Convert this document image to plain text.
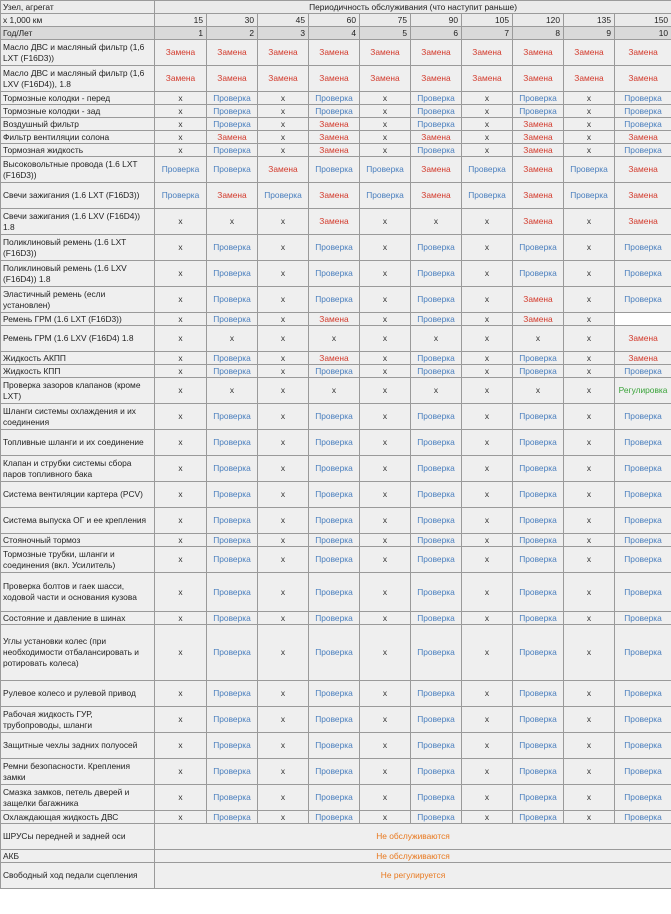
Узел, агрегат	Периодичность обслуживания (что наступит раньше)									
х 1,000 км	15	30	45	60	75	90	105	120	135	150
Год/Лет	1	2	3	4	5	6	7	8	9	10
Масло ДВС и масляный фильтр (1,6 LXT (F16D3))	Замена	Замена	Замена	Замена	Замена	Замена	Замена	Замена	Замена	Замена
Масло ДВС и масляный фильтр (1,6 LXV (F16D4)), 1.8	Замена	Замена	Замена	Замена	Замена	Замена	Замена	Замена	Замена	Замена
Тормозные колодки - перед	x	Проверка	x	Проверка	x	Проверка	x	Проверка	x	Проверка
Тормозные колодки - зад	x	Проверка	x	Проверка	x	Проверка	x	Проверка	x	Проверка
Воздушный фильтр	x	Проверка	x	Замена	x	Проверка	x	Замена	x	Проверка
Фильтр вентиляции солона	x	Замена	x	Замена	x	Замена	x	Замена	x	Замена
Тормозная жидкость	x	Проверка	x	Замена	x	Проверка	x	Замена	x	Проверка
Высоковольтные провода (1.6 LXT (F16D3))	Проверка	Проверка	Замена	Проверка	Проверка	Замена	Проверка	Замена	Проверка	Замена
Свечи зажигания (1.6 LXT (F16D3))	Проверка	Замена	Проверка	Замена	Проверка	Замена	Проверка	Замена	Проверка	Замена
Свечи зажигания (1.6 LXV (F16D4)) 1.8	x	x	x	Замена	x	x	x	Замена	x	Замена
Поликлиновый ремень (1.6 LXT (F16D3))	x	Проверка	x	Проверка	x	Проверка	x	Проверка	x	Проверка
Поликлиновый ремень (1.6 LXV (F16D4)) 1.8	x	Проверка	x	Проверка	x	Проверка	x	Проверка	x	Проверка
Эластичный ремень (если установлен)	x	Проверка	x	Проверка	x	Проверка	x	Замена	x	Проверка
Ремень ГРМ (1.6 LXT (F16D3))	x	Проверка	x	Замена	x	Проверка	x	Замена	x	
Ремень ГРМ (1.6 LXV (F16D4) 1.8	x	x	x	x	x	x	x	x	x	Замена
Жидкость АКПП	x	Проверка	x	Замена	x	Проверка	x	Проверка	x	Замена
Жидкость КПП	x	Проверка	x	Проверка	x	Проверка	x	Проверка	x	Проверка
Проверка зазоров клапанов (кроме LXT)	x	x	x	x	x	x	x	x	x	Регулировка
Шланги системы охлаждения и их соединения	x	Проверка	x	Проверка	x	Проверка	x	Проверка	x	Проверка
Топливные шланги и их соединение	x	Проверка	x	Проверка	x	Проверка	x	Проверка	x	Проверка
Клапан и струбки системы сбора паров топливного бака	x	Проверка	x	Проверка	x	Проверка	x	Проверка	x	Проверка
Система вентиляции картера (PCV)	x	Проверка	x	Проверка	x	Проверка	x	Проверка	x	Проверка
Система выпуска ОГ и ее крепления	x	Проверка	x	Проверка	x	Проверка	x	Проверка	x	Проверка
Стояночный тормоз	x	Проверка	x	Проверка	x	Проверка	x	Проверка	x	Проверка
Тормозные трубки, шланги и соединения (вкл. Усилитель)	x	Проверка	x	Проверка	x	Проверка	x	Проверка	x	Проверка
Проверка болтов и гаек шасси, ходовой части и основания кузова	x	Проверка	x	Проверка	x	Проверка	x	Проверка	x	Проверка
Состояние и давление в шинах	x	Проверка	x	Проверка	x	Проверка	x	Проверка	x	Проверка
Углы установки колес (при необходимости отбалансировать и ротировать колеса)	x	Проверка	x	Проверка	x	Проверка	x	Проверка	x	Проверка
Рулевое колесо и рулевой привод	x	Проверка	x	Проверка	x	Проверка	x	Проверка	x	Проверка
Рабочая жидкость ГУР, трубопроводы, шланги	x	Проверка	x	Проверка	x	Проверка	x	Проверка	x	Проверка
Защитные чехлы задних полуосей	x	Проверка	x	Проверка	x	Проверка	x	Проверка	x	Проверка
Ремни безопасности. Крепления замки	x	Проверка	x	Проверка	x	Проверка	x	Проверка	x	Проверка
Смазка замков, петель дверей и защелки багажника	x	Проверка	x	Проверка	x	Проверка	x	Проверка	x	Проверка
Охлаждающая жидкость ДВС	x	Проверка	x	Проверка	x	Проверка	x	Проверка	x	Проверка
ШРУСы передней и задней оси	Не обслуживаются									
АКБ	Не обслуживаются									
Свободный ход педали сцепления	Не регулируется									
